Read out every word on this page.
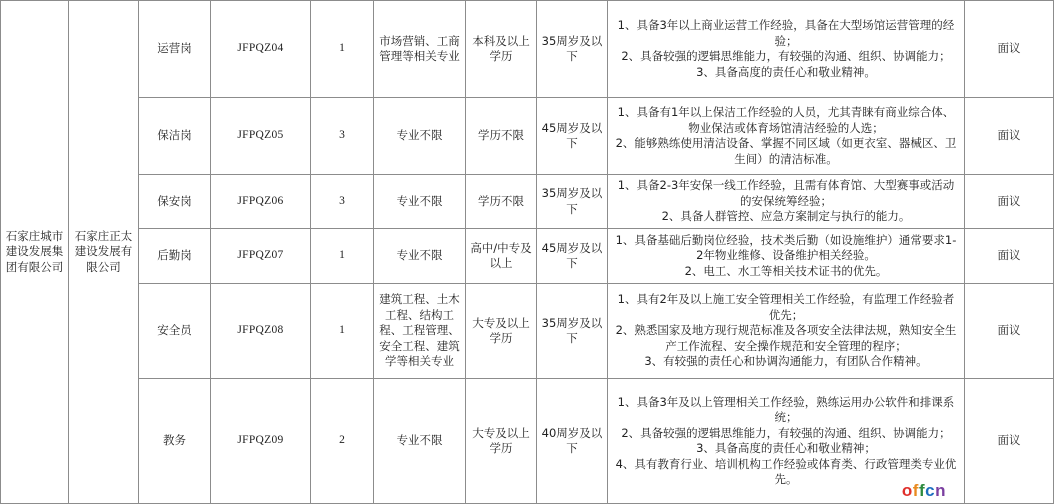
石家庄城市建设发展集团有限公司	石家庄正太建设发展有限公司	运营岗	JFPQZ04	1	市场营销、工商管理等相关专业	本科及以上学历	35周岁及以下	1、具备3年以上商业运营工作经验，具备在大型场馆运营管理的经验；
2、具备较强的逻辑思维能力，有较强的沟通、组织、协调能力；
3、具备高度的责任心和敬业精神。	面议
		保洁岗	JFPQZ05	3	专业不限	学历不限	45周岁及以下	1、具备有1年以上保洁工作经验的人员，尤其青睐有商业综合体、物业保洁或体育场馆清洁经验的人选；
2、能够熟练使用清洁设备、掌握不同区域（如更衣室、器械区、卫生间）的清洁标准。	面议
		保安岗	JFPQZ06	3	专业不限	学历不限	35周岁及以下	1、具备2-3年安保一线工作经验，且需有体育馆、大型赛事或活动的安保统筹经验；
2、具备人群管控、应急方案制定与执行的能力。	面议
		后勤岗	JFPQZ07	1	专业不限	高中/中专及以上	45周岁及以下	1、具备基础后勤岗位经验，技术类后勤（如设施维护）通常要求1-2年物业维修、设备维护相关经验。
2、电工、水工等相关技术证书的优先。	面议
		安全员	JFPQZ08	1	建筑工程、土木工程、结构工程、工程管理、安全工程、建筑学等相关专业	大专及以上学历	35周岁及以下	1、具有2年及以上施工安全管理相关工作经验，有监理工作经验者优先；
2、熟悉国家及地方现行规范标准及各项安全法律法规，熟知安全生产工作流程、安全操作规范和安全管理的程序；
3、有较强的责任心和协调沟通能力，有团队合作精神。	面议
		教务	JFPQZ09	2	专业不限	大专及以上学历	40周岁及以下	1、具备3年及以上管理相关工作经验，熟练运用办公软件和排课系统；
2、具备较强的逻辑思维能力，有较强的沟通、组织、协调能力；
3、具备高度的责任心和敬业精神；
4、具有教育行业、培训机构工作经验或体育类、行政管理类专业优先。	面议
offcn
